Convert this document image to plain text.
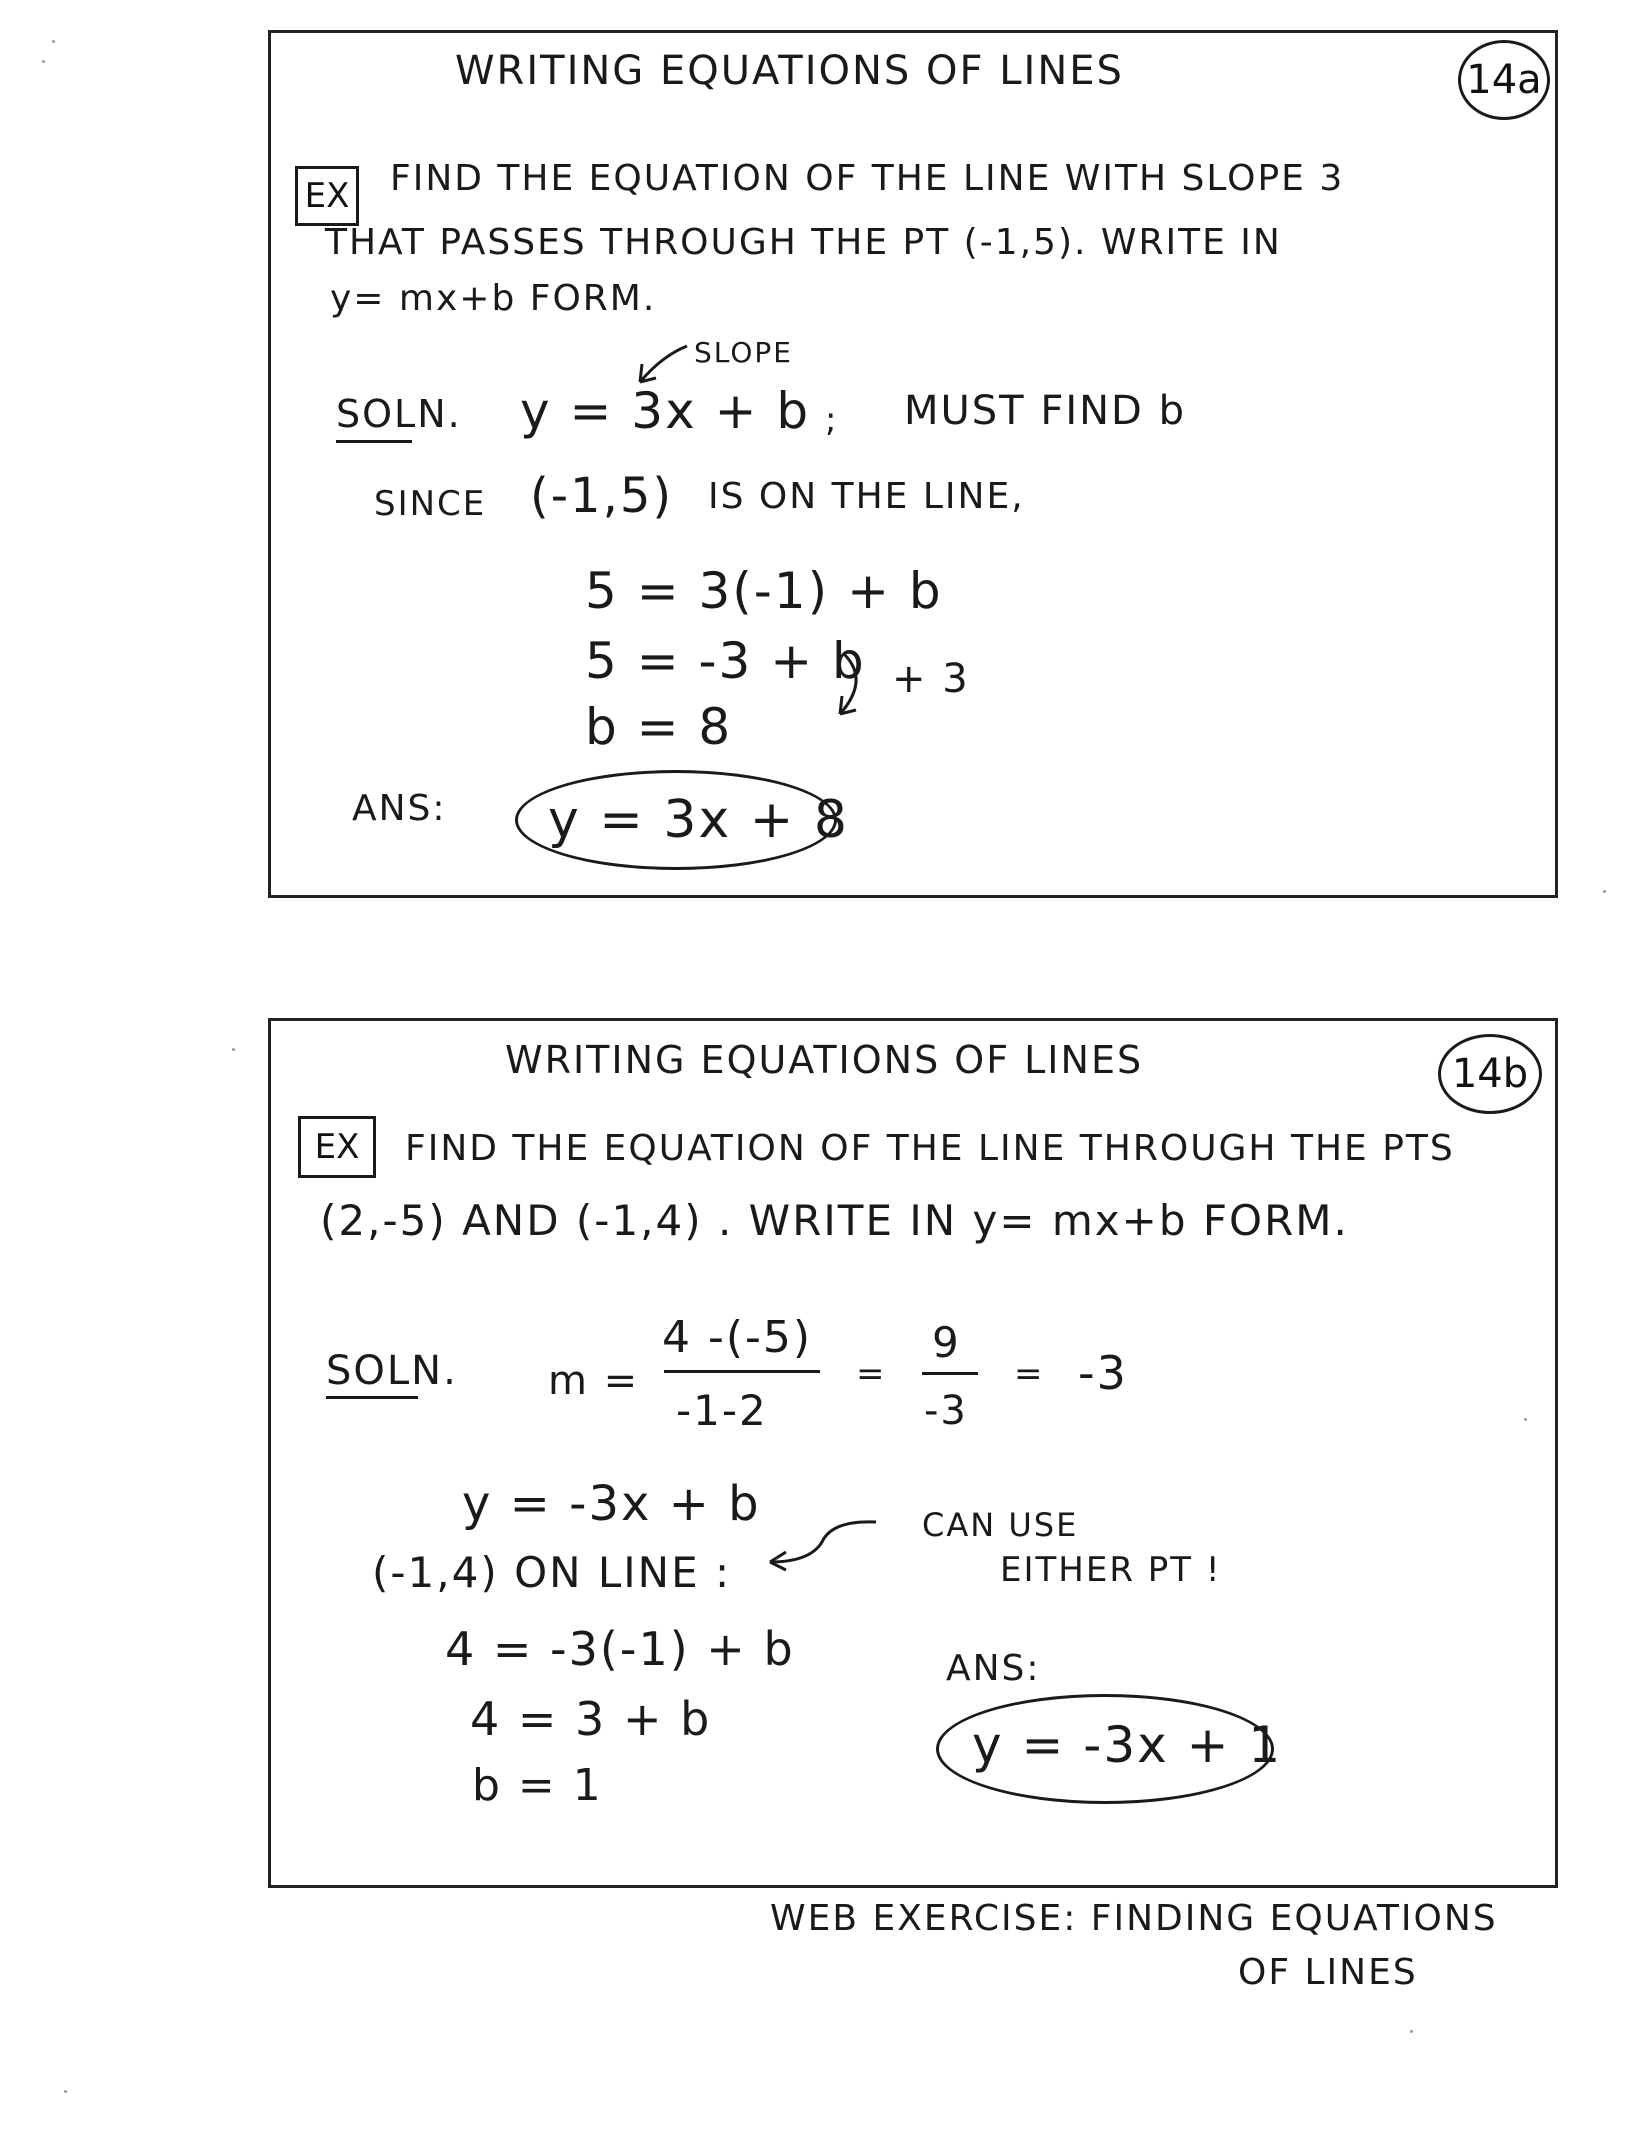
WRITING EQUATIONS OF LINES	14a
EX FIND THE EQUATION OF THE LINE WITH SLOPE 3
THAT PASSES THROUGH THE PT (-1,5). WRITE IN
y= mx+b FORM.
SLOPE
SOLN. y = 3x + b ; MUST FIND b
SINCE (-1,5) IS ON THE LINE,
5 = 3(-1) + b
5 = -3 + b + 3
b = 8
ANS: y = 3x + 8
WRITING EQUATIONS OF LINES	14b
EX	FIND THE EQUATION OF THE LINE THROUGH THE PTS
(2,-5) AND (-1,4) . WRITE IN y= mx+b FORM.
SOLN. m =
4 -(-5)
-1-2
=
9
-3
= -3
y = -3x + b
(-1,4) ON LINE :
CAN USE
EITHER PT !
4 = -3(-1) + b
4 = 3 + b
b = 1
ANS:
y = -3x + 1
WEB EXERCISE: FINDING EQUATIONS
OF LINES
